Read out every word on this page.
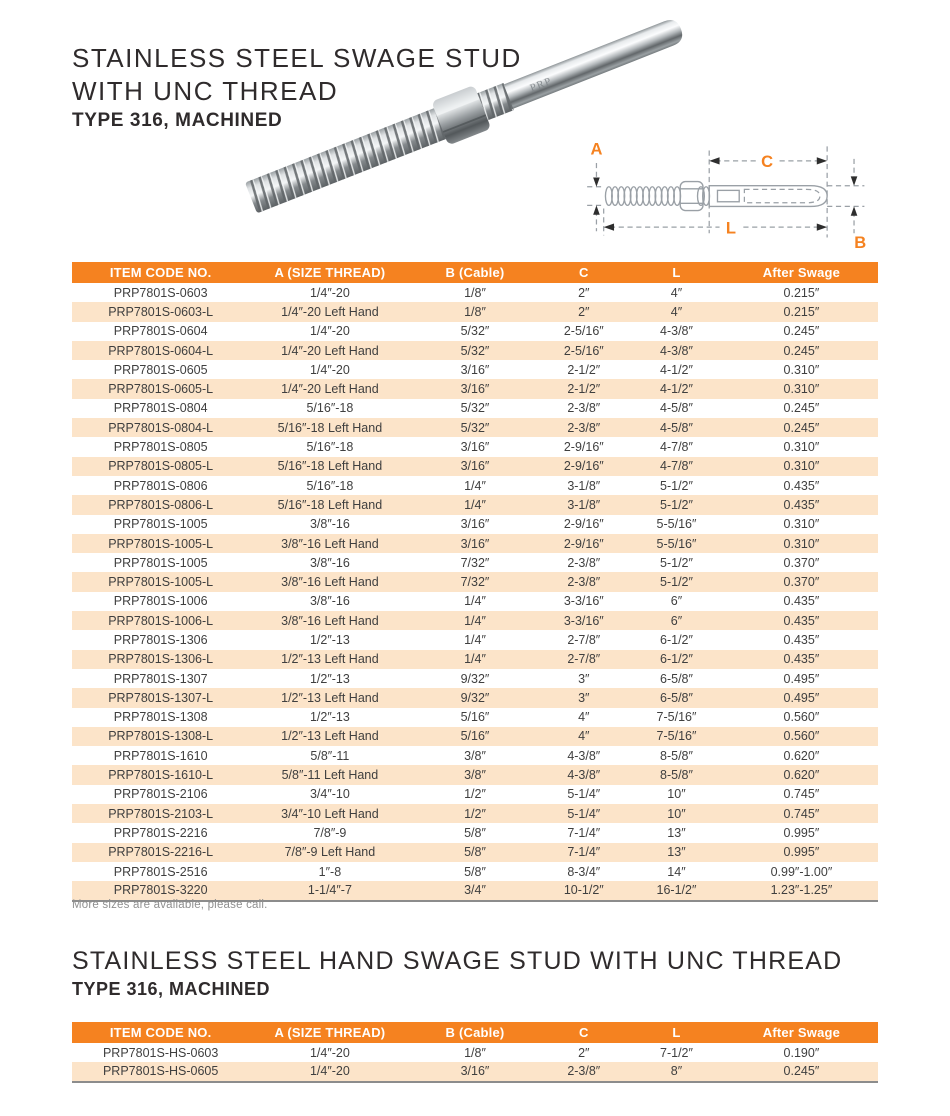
STAINLESS STEEL SWAGE STUD
WITH UNC THREAD
TYPE 316, MACHINED
PRP
C
L
A
B
ITEM CODE NO.	A (SIZE THREAD)	B (Cable)	C	L	After Swage
PRP7801S-0603	1/4″-20	1/8″	2″	4″	0.215″
PRP7801S-0603-L	1/4″-20 Left Hand	1/8″	2″	4″	0.215″
PRP7801S-0604	1/4″-20	5/32″	2-5/16″	4-3/8″	0.245″
PRP7801S-0604-L	1/4″-20 Left Hand	5/32″	2-5/16″	4-3/8″	0.245″
PRP7801S-0605	1/4″-20	3/16″	2-1/2″	4-1/2″	0.310″
PRP7801S-0605-L	1/4″-20 Left Hand	3/16″	2-1/2″	4-1/2″	0.310″
PRP7801S-0804	5/16″-18	5/32″	2-3/8″	4-5/8″	0.245″
PRP7801S-0804-L	5/16″-18 Left Hand	5/32″	2-3/8″	4-5/8″	0.245″
PRP7801S-0805	5/16″-18	3/16″	2-9/16″	4-7/8″	0.310″
PRP7801S-0805-L	5/16″-18 Left Hand	3/16″	2-9/16″	4-7/8″	0.310″
PRP7801S-0806	5/16″-18	1/4″	3-1/8″	5-1/2″	0.435″
PRP7801S-0806-L	5/16″-18 Left Hand	1/4″	3-1/8″	5-1/2″	0.435″
PRP7801S-1005	3/8″-16	3/16″	2-9/16″	5-5/16″	0.310″
PRP7801S-1005-L	3/8″-16 Left Hand	3/16″	2-9/16″	5-5/16″	0.310″
PRP7801S-1005	3/8″-16	7/32″	2-3/8″	5-1/2″	0.370″
PRP7801S-1005-L	3/8″-16 Left Hand	7/32″	2-3/8″	5-1/2″	0.370″
PRP7801S-1006	3/8″-16	1/4″	3-3/16″	6″	0.435″
PRP7801S-1006-L	3/8″-16 Left Hand	1/4″	3-3/16″	6″	0.435″
PRP7801S-1306	1/2″-13	1/4″	2-7/8″	6-1/2″	0.435″
PRP7801S-1306-L	1/2″-13 Left Hand	1/4″	2-7/8″	6-1/2″	0.435″
PRP7801S-1307	1/2″-13	9/32″	3″	6-5/8″	0.495″
PRP7801S-1307-L	1/2″-13 Left Hand	9/32″	3″	6-5/8″	0.495″
PRP7801S-1308	1/2″-13	5/16″	4″	7-5/16″	0.560″
PRP7801S-1308-L	1/2″-13 Left Hand	5/16″	4″	7-5/16″	0.560″
PRP7801S-1610	5/8″-11	3/8″	4-3/8″	8-5/8″	0.620″
PRP7801S-1610-L	5/8″-11 Left Hand	3/8″	4-3/8″	8-5/8″	0.620″
PRP7801S-2106	3/4″-10	1/2″	5-1/4″	10″	0.745″
PRP7801S-2103-L	3/4″-10 Left Hand	1/2″	5-1/4″	10″	0.745″
PRP7801S-2216	7/8″-9	5/8″	7-1/4″	13″	0.995″
PRP7801S-2216-L	7/8″-9 Left Hand	5/8″	7-1/4″	13″	0.995″
PRP7801S-2516	1″-8	5/8″	8-3/4″	14″	0.99″-1.00″
PRP7801S-3220	1-1/4″-7	3/4″	10-1/2″	16-1/2″	1.23″-1.25″
More sizes are available, please call.
STAINLESS STEEL HAND SWAGE STUD WITH UNC THREAD
TYPE 316, MACHINED
ITEM CODE NO.	A (SIZE THREAD)	B (Cable)	C	L	After Swage
PRP7801S-HS-0603	1/4″-20	1/8″	2″	7-1/2″	0.190″
PRP7801S-HS-0605	1/4″-20	3/16″	2-3/8″	8″	0.245″
